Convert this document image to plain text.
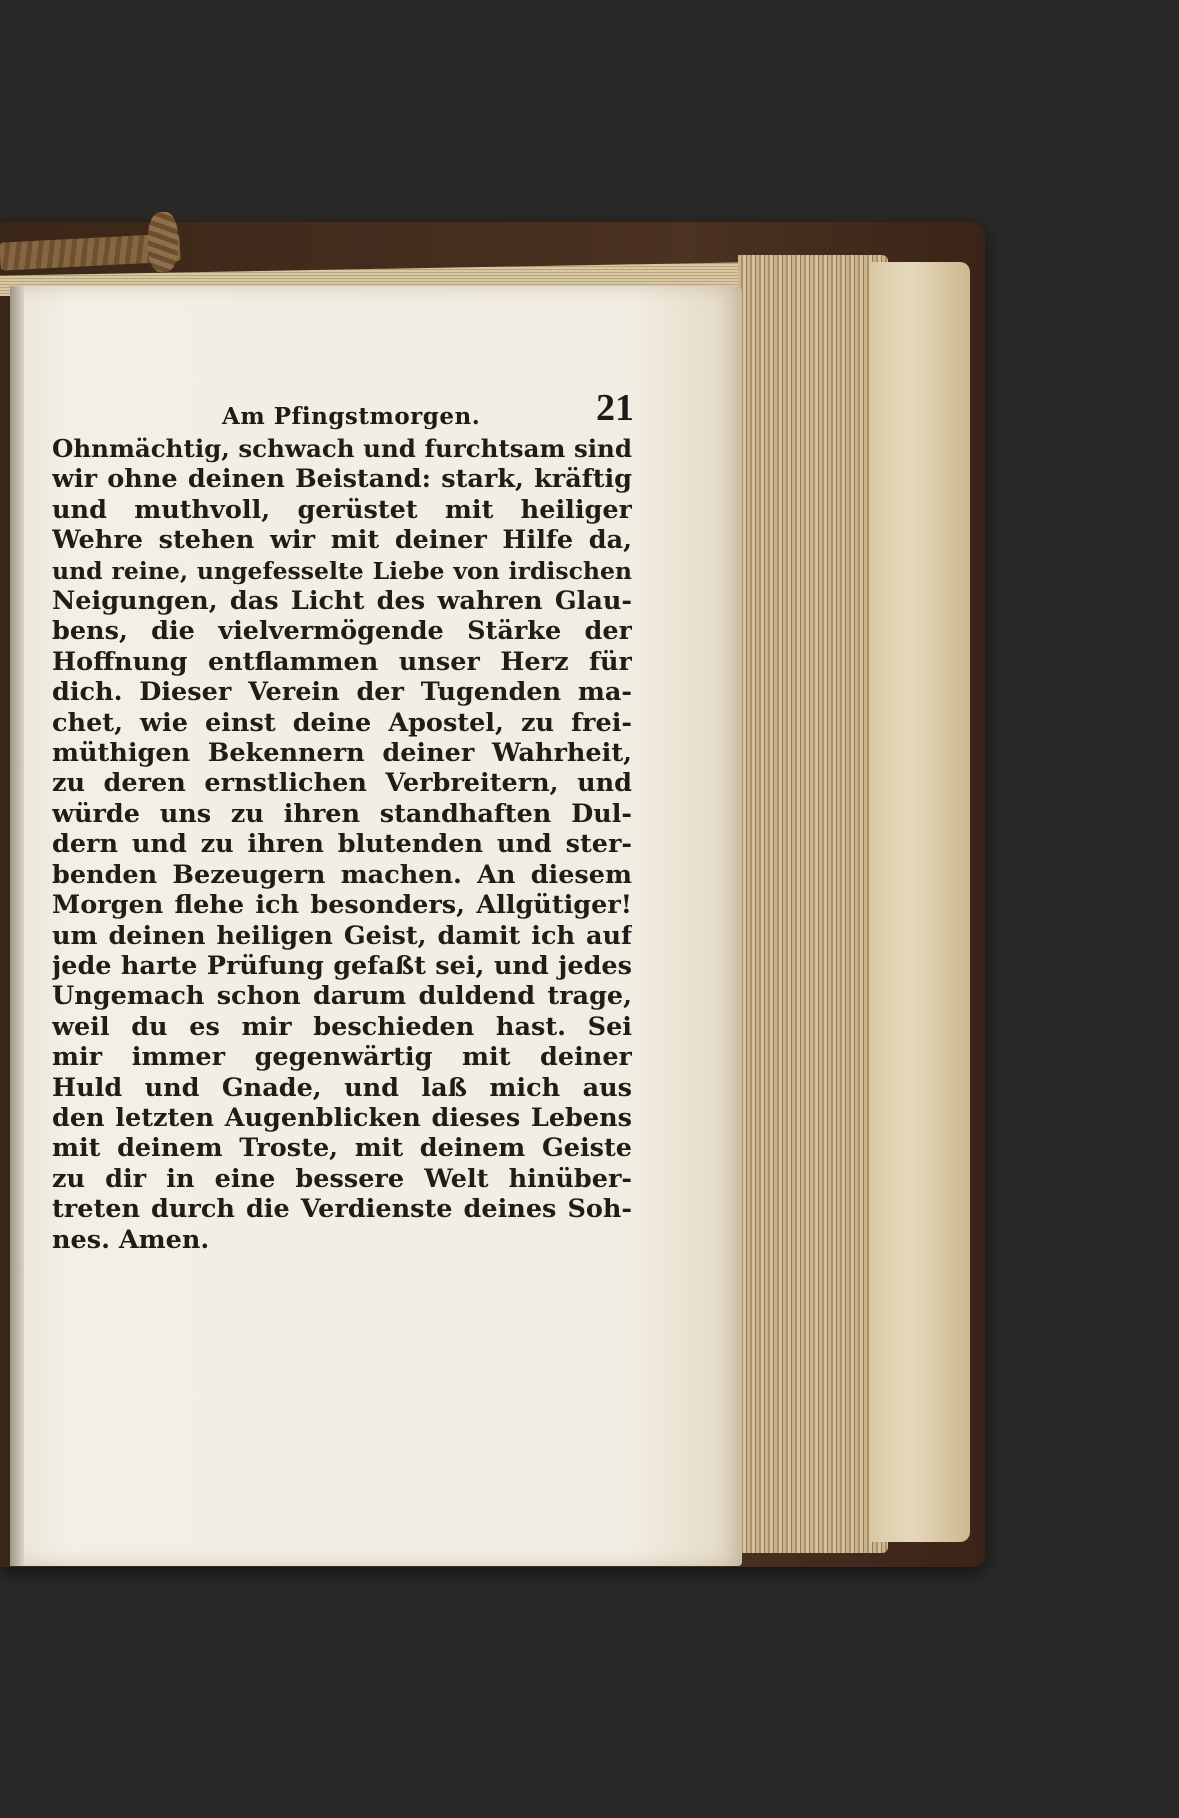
Am Pfingstmorgen.	21
Ohnmächtig, schwach und furchtsam sind
wir ohne deinen Beistand: stark, kräftig
und muthvoll, gerüstet mit heiliger
Wehre stehen wir mit deiner Hilfe da,
und reine, ungefesselte Liebe von irdischen
Neigungen, das Licht des wahren Glau-
bens, die vielvermögende Stärke der
Hoffnung entflammen unser Herz für
dich. Dieser Verein der Tugenden ma-
chet, wie einst deine Apostel, zu frei-
müthigen Bekennern deiner Wahrheit,
zu deren ernstlichen Verbreitern, und
würde uns zu ihren standhaften Dul-
dern und zu ihren blutenden und ster-
benden Bezeugern machen. An diesem
Morgen flehe ich besonders, Allgütiger!
um deinen heiligen Geist, damit ich auf
jede harte Prüfung gefaßt sei, und jedes
Ungemach schon darum duldend trage,
weil du es mir beschieden hast. Sei
mir immer gegenwärtig mit deiner
Huld und Gnade, und laß mich aus
den letzten Augenblicken dieses Lebens
mit deinem Troste, mit deinem Geiste
zu dir in eine bessere Welt hinüber-
treten durch die Verdienste deines Soh-
nes. Amen.
